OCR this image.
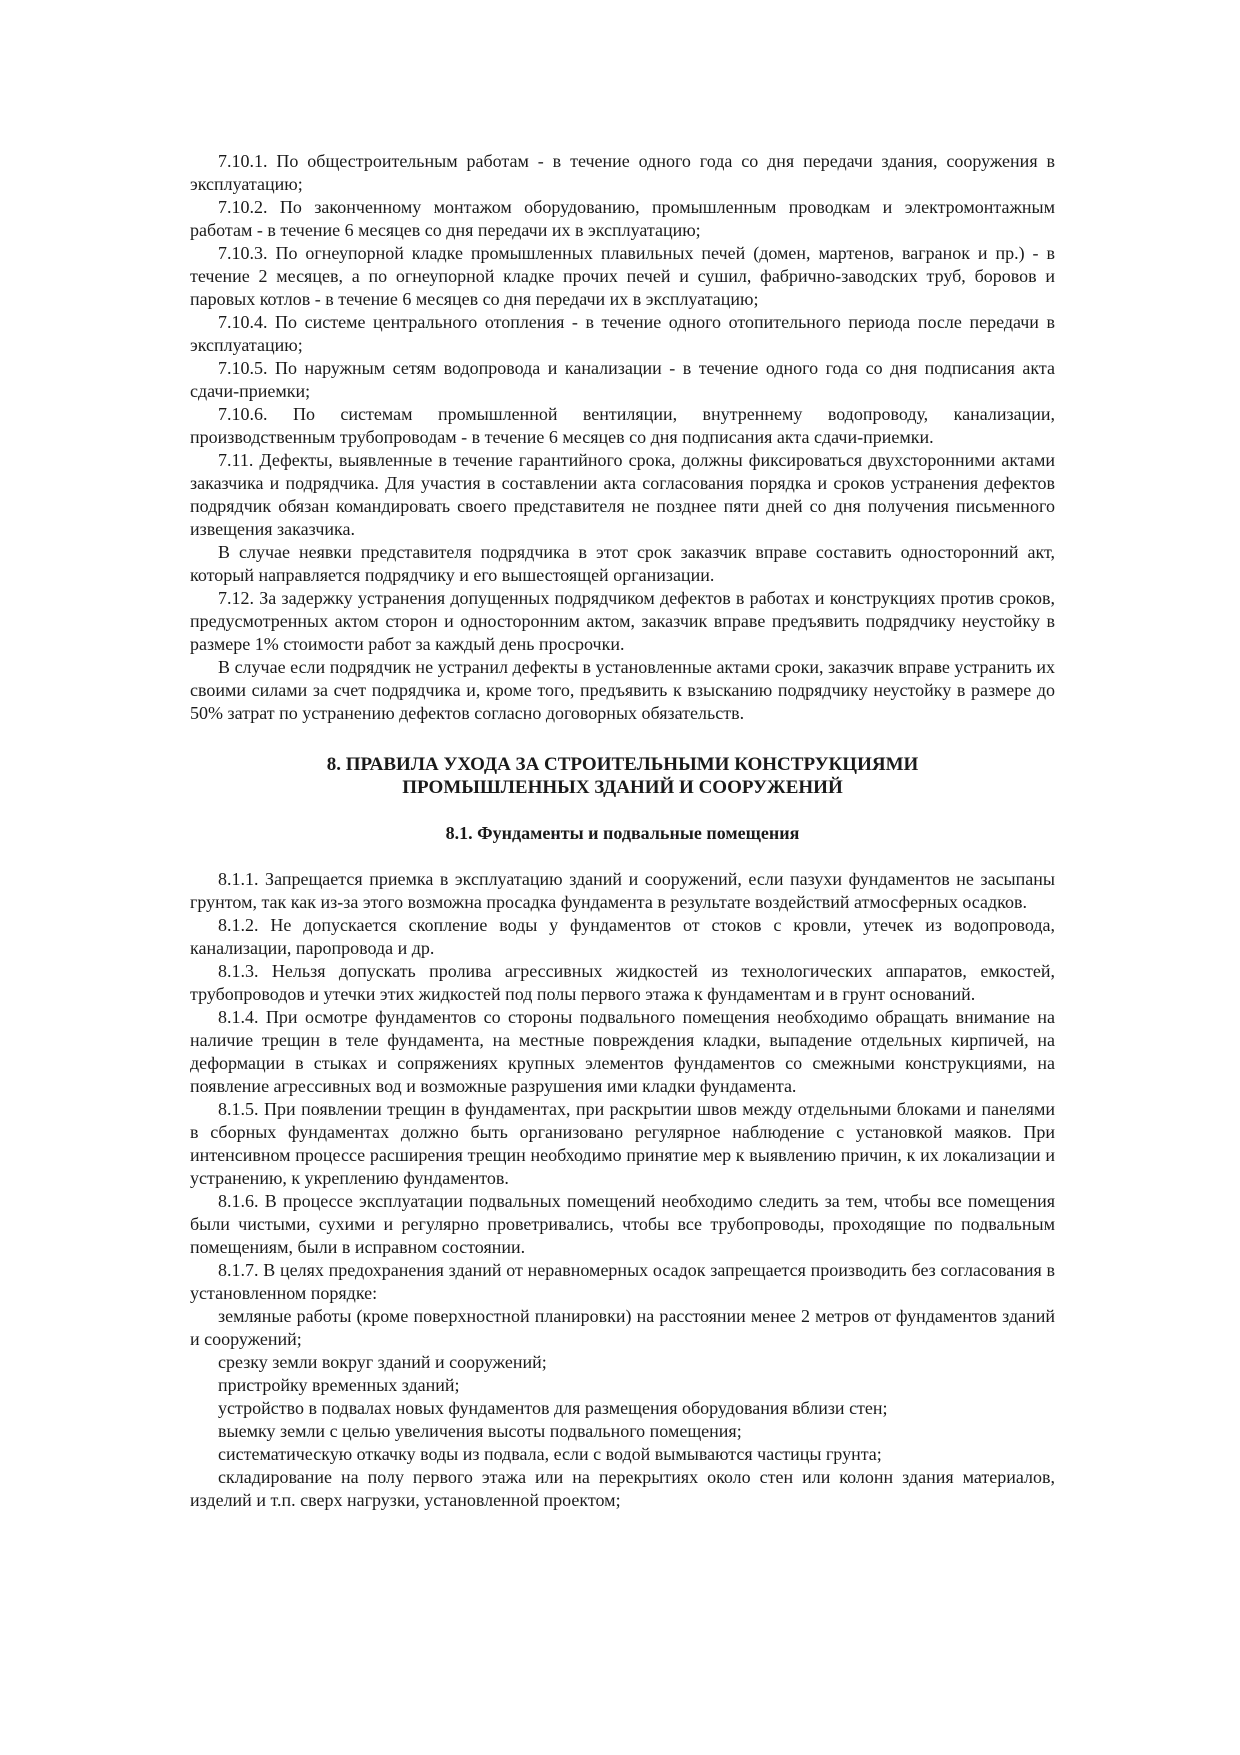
7.10.1. По общестроительным работам - в течение одного года со дня передачи здания, сооружения в эксплуатацию;

7.10.2. По законченному монтажом оборудованию, промышленным проводкам и электромонтажным работам - в течение 6 месяцев со дня передачи их в эксплуатацию;

7.10.3. По огнеупорной кладке промышленных плавильных печей (домен, мартенов, вагранок и пр.) - в течение 2 месяцев, а по огнеупорной кладке прочих печей и сушил, фабрично-заводских труб, боровов и паровых котлов - в течение 6 месяцев со дня передачи их в эксплуатацию;

7.10.4. По системе центрального отопления - в течение одного отопительного периода после передачи в эксплуатацию;

7.10.5. По наружным сетям водопровода и канализации - в течение одного года со дня подписания акта сдачи-приемки;

7.10.6. По системам промышленной вентиляции, внутреннему водопроводу, канализации, производственным трубопроводам - в течение 6 месяцев со дня подписания акта сдачи-приемки.

7.11. Дефекты, выявленные в течение гарантийного срока, должны фиксироваться двухсторонними актами заказчика и подрядчика. Для участия в составлении акта согласования порядка и сроков устранения дефектов подрядчик обязан командировать своего представителя не позднее пяти дней со дня получения письменного извещения заказчика.

В случае неявки представителя подрядчика в этот срок заказчик вправе составить односторонний акт, который направляется подрядчику и его вышестоящей организации.

7.12. За задержку устранения допущенных подрядчиком дефектов в работах и конструкциях против сроков, предусмотренных актом сторон и односторонним актом, заказчик вправе предъявить подрядчику неустойку в размере 1% стоимости работ за каждый день просрочки.

В случае если подрядчик не устранил дефекты в установленные актами сроки, заказчик вправе устранить их своими силами за счет подрядчика и, кроме того, предъявить к взысканию подрядчику неустойку в размере до 50% затрат по устранению дефектов согласно договорных обязательств.

8. ПРАВИЛА УХОДА ЗА СТРОИТЕЛЬНЫМИ КОНСТРУКЦИЯМИ
ПРОМЫШЛЕННЫХ ЗДАНИЙ И СООРУЖЕНИЙ
8.1. Фундаменты и подвальные помещения

8.1.1. Запрещается приемка в эксплуатацию зданий и сооружений, если пазухи фундаментов не засыпаны грунтом, так как из-за этого возможна просадка фундамента в результате воздействий атмосферных осадков.

8.1.2. Не допускается скопление воды у фундаментов от стоков с кровли, утечек из водопровода, канализации, паропровода и др.

8.1.3. Нельзя допускать пролива агрессивных жидкостей из технологических аппаратов, емкостей, трубопроводов и утечки этих жидкостей под полы первого этажа к фундаментам и в грунт оснований.

8.1.4. При осмотре фундаментов со стороны подвального помещения необходимо обращать внимание на наличие трещин в теле фундамента, на местные повреждения кладки, выпадение отдельных кирпичей, на деформации в стыках и сопряжениях крупных элементов фундаментов со смежными конструкциями, на появление агрессивных вод и возможные разрушения ими кладки фундамента.

8.1.5. При появлении трещин в фундаментах, при раскрытии швов между отдельными блоками и панелями в сборных фундаментах должно быть организовано регулярное наблюдение с установкой маяков. При интенсивном процессе расширения трещин необходимо принятие мер к выявлению причин, к их локализации и устранению, к укреплению фундаментов.

8.1.6. В процессе эксплуатации подвальных помещений необходимо следить за тем, чтобы все помещения были чистыми, сухими и регулярно проветривались, чтобы все трубопроводы, проходящие по подвальным помещениям, были в исправном состоянии.

8.1.7. В целях предохранения зданий от неравномерных осадок запрещается производить без согласования в установленном порядке:

земляные работы (кроме поверхностной планировки) на расстоянии менее 2 метров от фундаментов зданий и сооружений;

срезку земли вокруг зданий и сооружений;

пристройку временных зданий;

устройство в подвалах новых фундаментов для размещения оборудования вблизи стен;

выемку земли с целью увеличения высоты подвального помещения;

систематическую откачку воды из подвала, если с водой вымываются частицы грунта;

складирование на полу первого этажа или на перекрытиях около стен или колонн здания материалов, изделий и т.п. сверх нагрузки, установленной проектом;
